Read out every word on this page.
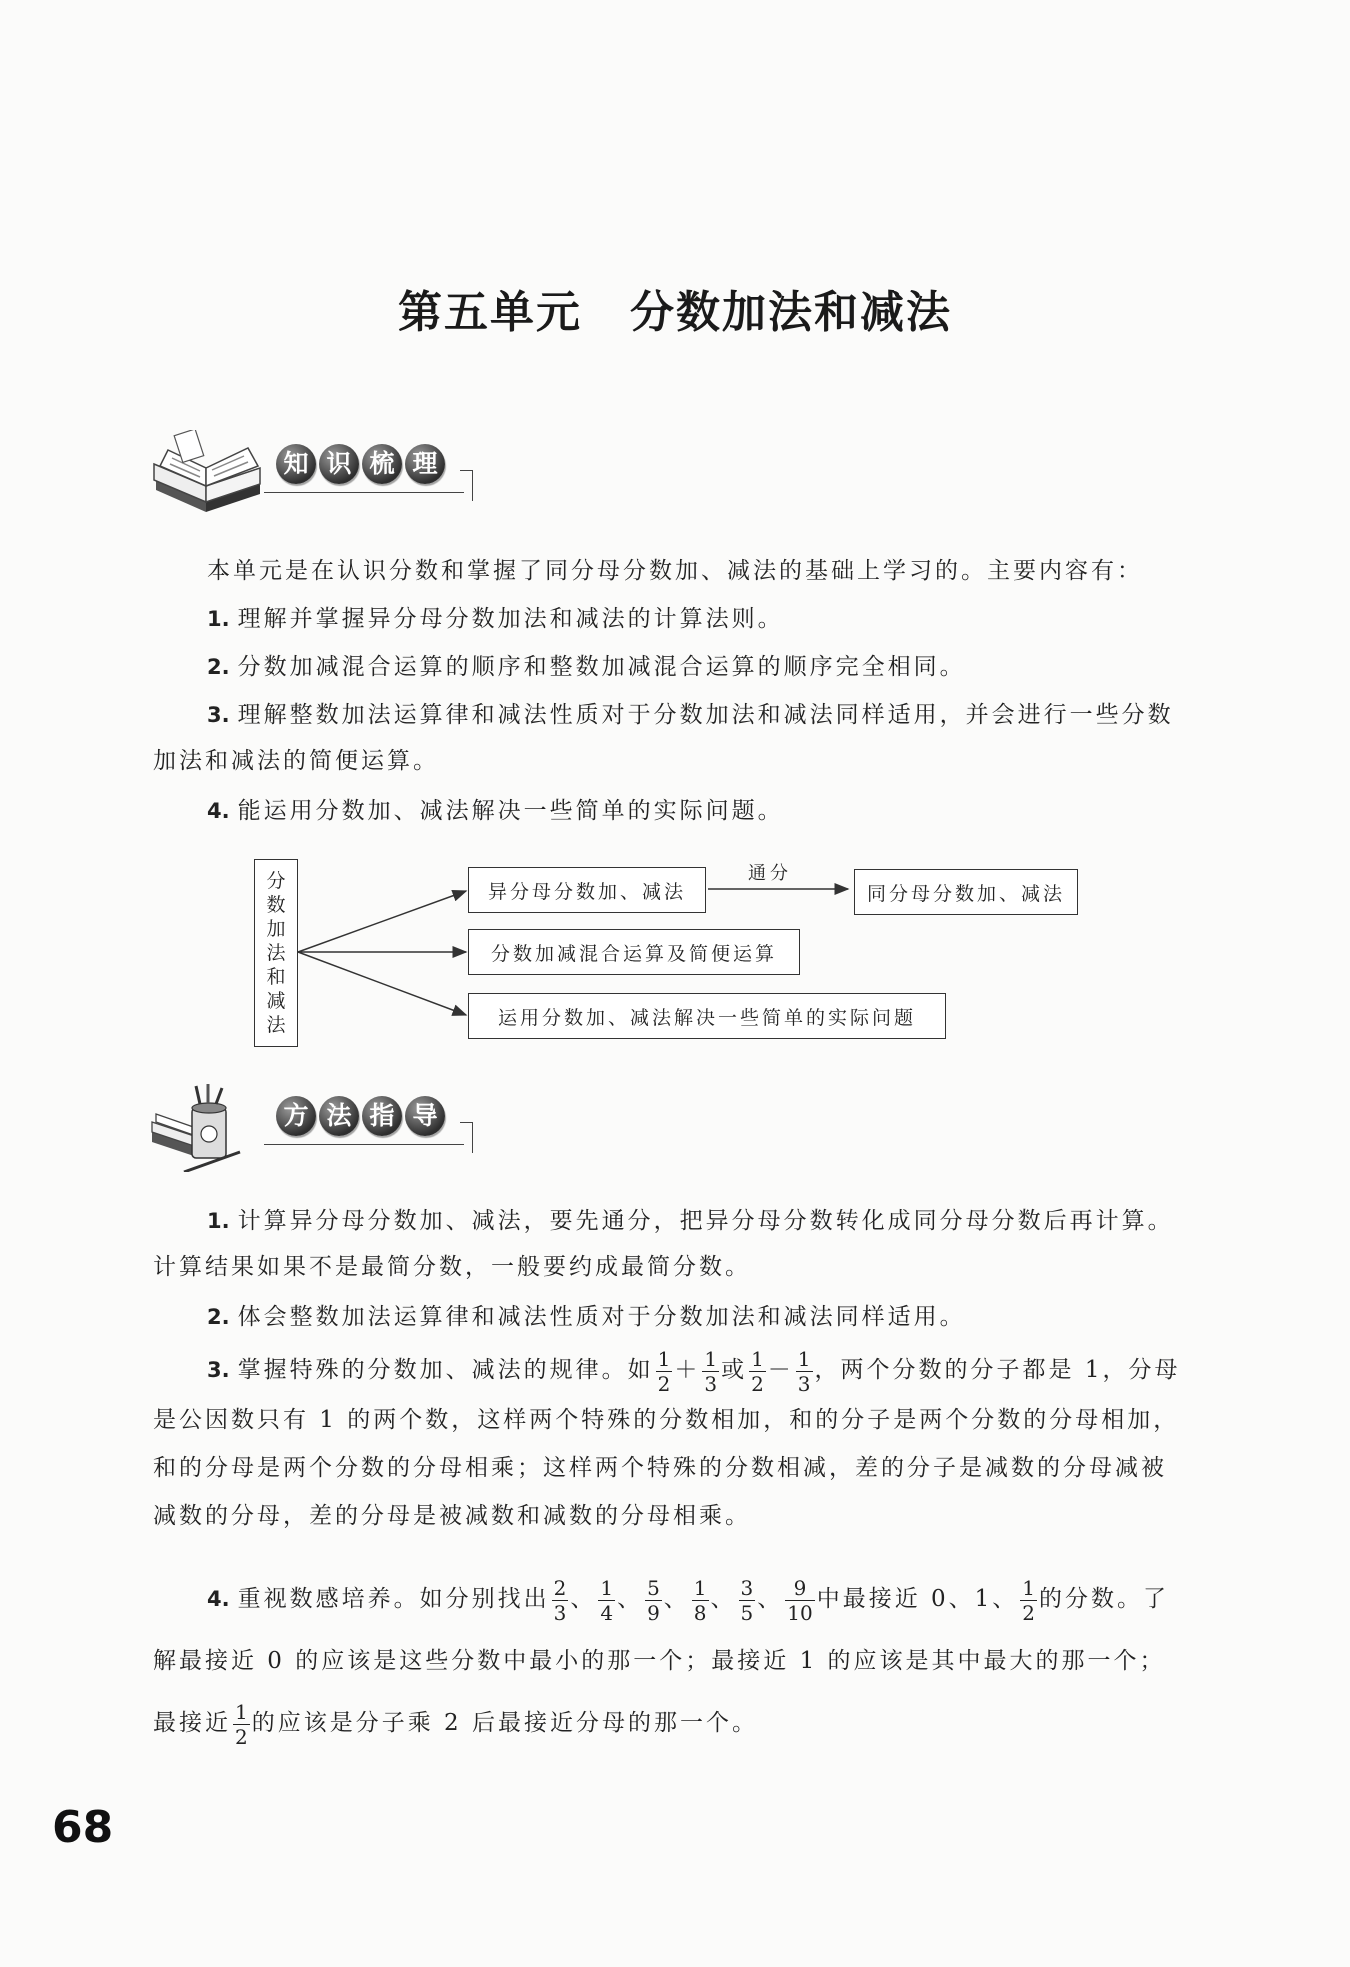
第五单元 分数加法和减法
知 识 梳 理
本单元是在认识分数和掌握了同分母分数加、减法的基础上学习的。主要内容有：
1. 理解并掌握异分母分数加法和减法的计算法则。
2. 分数加减混合运算的顺序和整数加减混合运算的顺序完全相同。
3. 理解整数加法运算律和减法性质对于分数加法和减法同样适用，并会进行一些分数加法和减法的简便运算。
4. 能运用分数加、减法解决一些简单的实际问题。
分
数
加
法
和
减
法
异分母分数加、减法
通分
同分母分数加、减法
分数加减混合运算及简便运算
运用分数加、减法解决一些简单的实际问题
方 法 指 导
1. 计算异分母分数加、减法，要先通分，把异分母分数转化成同分母分数后再计算。计算结果如果不是最简分数，一般要约成最简分数。
2. 体会整数加法运算律和减法性质对于分数加法和减法同样适用。
3. 掌握特殊的分数加、减法的规律。如 $\frac{1}{2} + \frac{1}{3}$ 或 $\frac{1}{2} - \frac{1}{3}$ ，两个分数的分子都是 1，分母是公因数只有 1 的两个数，这样两个特殊的分数相加，和的分子是两个分数的分母相加，和的分母是两个分数的分母相乘；这样两个特殊的分数相减，差的分子是减数的分母减被减数的分母，差的分母是被减数和减数的分母相乘。
4. 重视数感培养。如分别找出 $\frac{2}{3}$ 、 $\frac{1}{4}$ 、 $\frac{5}{9}$ 、 $\frac{1}{8}$ 、 $\frac{3}{5}$ 、 $\frac{9}{10}$ 中最接近 0、1、 $\frac{1}{2}$ 的分数。了解最接近 0 的应该是这些分数中最小的那一个；最接近 1 的应该是其中最大的那一个；最接近 $\frac{1}{2}$ 的应该是分子乘 2 后最接近分母的那一个。
68
